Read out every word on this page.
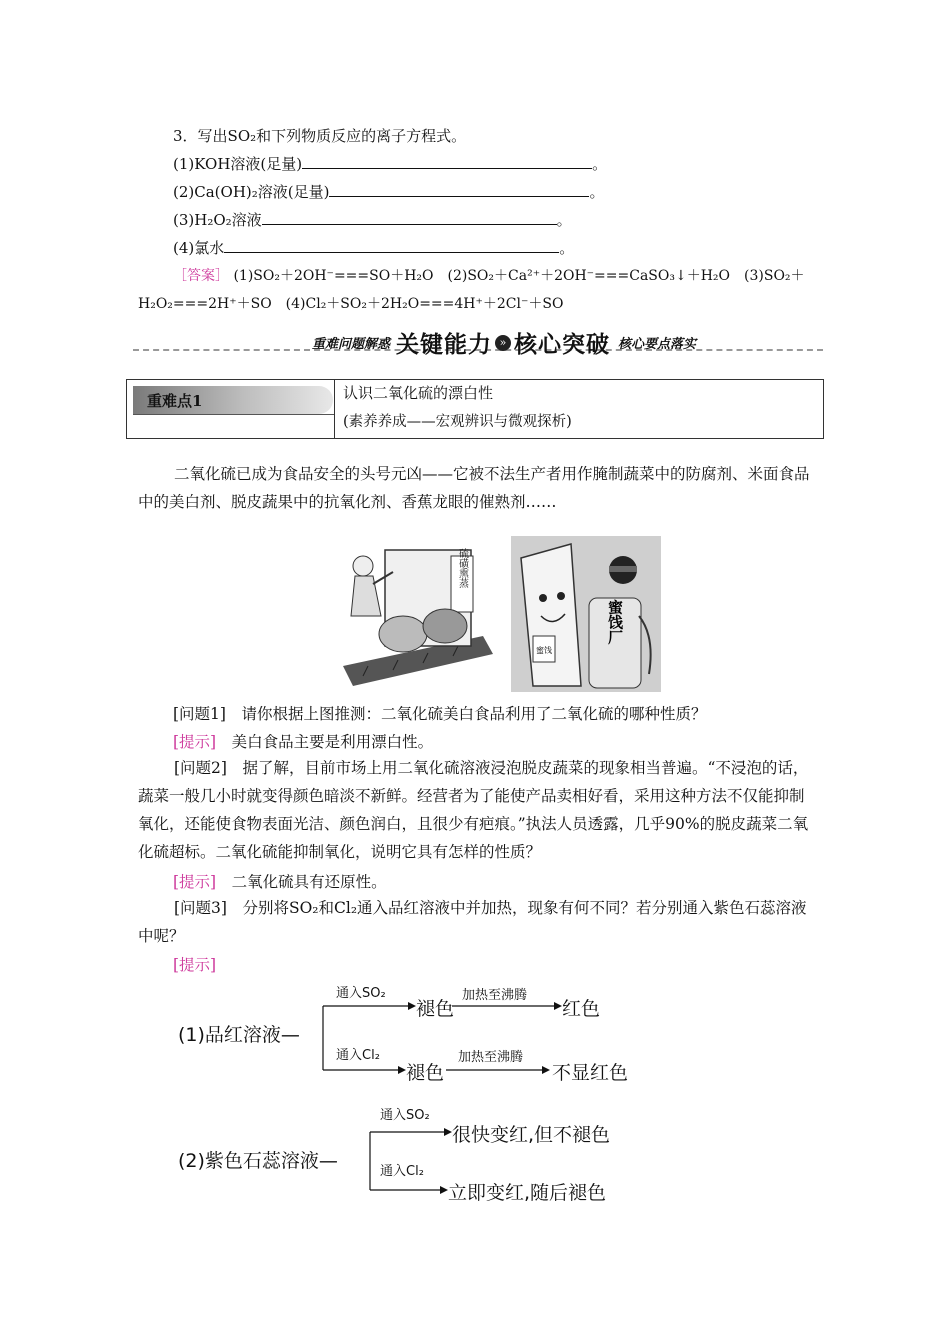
3．写出SO₂和下列物质反应的离子方程式。
(1)KOH溶液(足量)	。
(2)Ca(OH)₂溶液(足量)	。
(3)H₂O₂溶液	。
(4)氯水	。
［答案］ (1)SO₂＋2OH⁻===SO＋H₂O　(2)SO₂＋Ca²⁺＋2OH⁻===CaSO₃↓＋H₂O　(3)SO₂＋
H₂O₂===2H⁺＋SO　(4)Cl₂＋SO₂＋2H₂O===4H⁺＋2Cl⁻＋SO
重难问题解惑 关键能力 » 核心突破 核心要点落实
重难点1	认识二氧化硫的漂白性
(素养养成——宏观辨识与微观探析)
二氧化硫已成为食品安全的头号元凶——它被不法生产者用作腌制蔬菜中的防腐剂、米面食品中的美白剂、脱皮蔬果中的抗氧化剂、香蕉龙眼的催熟剂……
硫磺熏蒸
蜜饯
蜜饯厂
[问题1]　 请你根据上图推测：二氧化硫美白食品利用了二氧化硫的哪种性质？
[提示]　 美白食品主要是利用漂白性。
[问题2]　 据了解，目前市场上用二氧化硫溶液浸泡脱皮蔬菜的现象相当普遍。“不浸泡的话，蔬菜一般几小时就变得颜色暗淡不新鲜。经营者为了能使产品卖相好看，采用这种方法不仅能抑制氧化，还能使食物表面光洁、颜色润白，且很少有疤痕。”执法人员透露，几乎90%的脱皮蔬菜二氧化硫超标。二氧化硫能抑制氧化，说明它具有怎样的性质？
[提示]　 二氧化硫具有还原性。
[问题3]　 分别将SO₂和Cl₂通入品红溶液中并加热，现象有何不同？若分别通入紫色石蕊溶液中呢？
[提示]
(1)品红溶液—
通入SO₂
褪色
加热至沸腾
红色
通入Cl₂
褪色
加热至沸腾
不显红色
(2)紫色石蕊溶液—
通入SO₂
很快变红,但不褪色
通入Cl₂
立即变红,随后褪色
